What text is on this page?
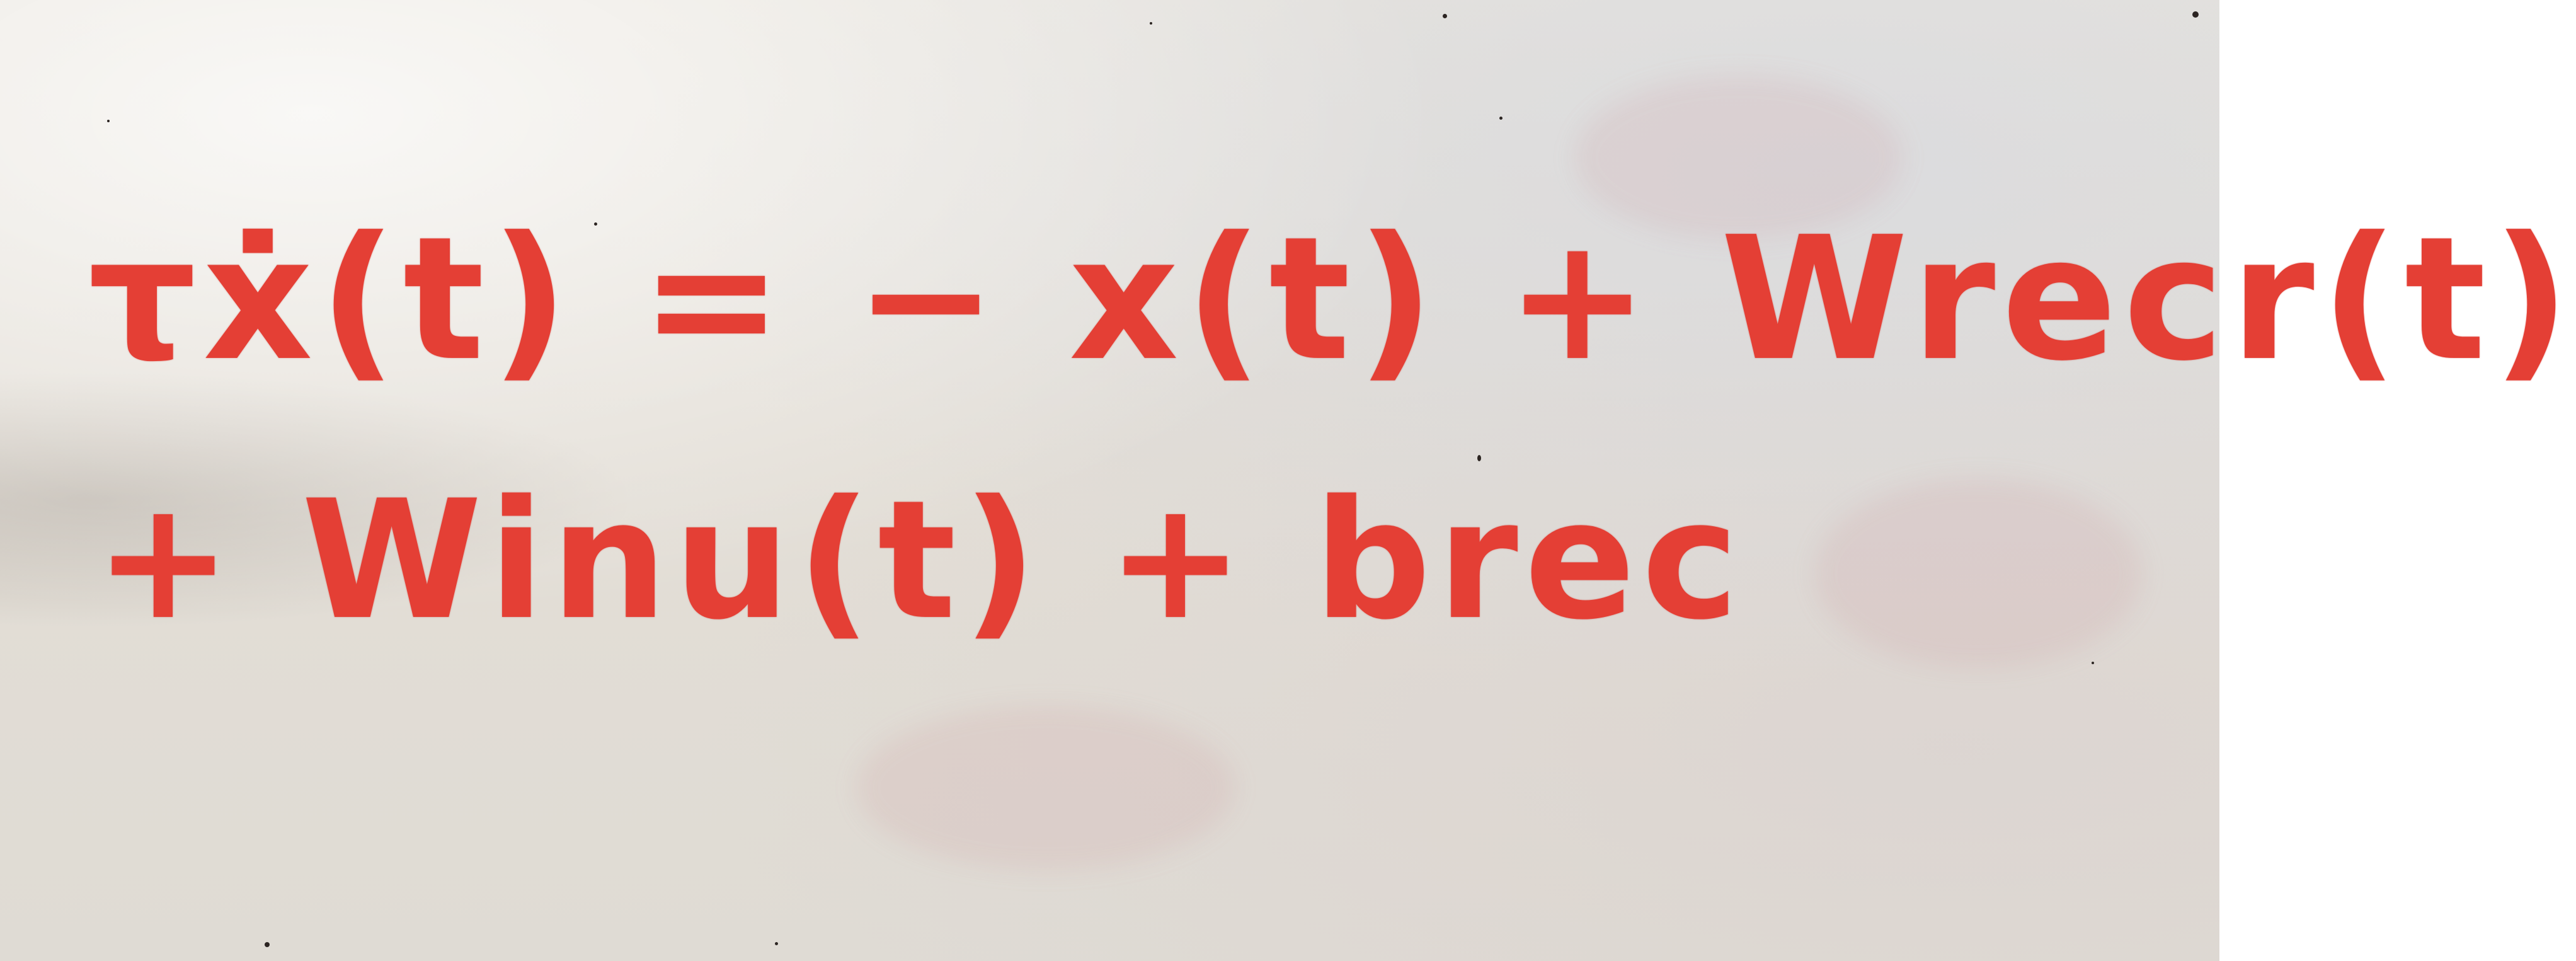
τẋ(t) = − x(t) + Wrecr(t)
+ Winu(t) + brec
